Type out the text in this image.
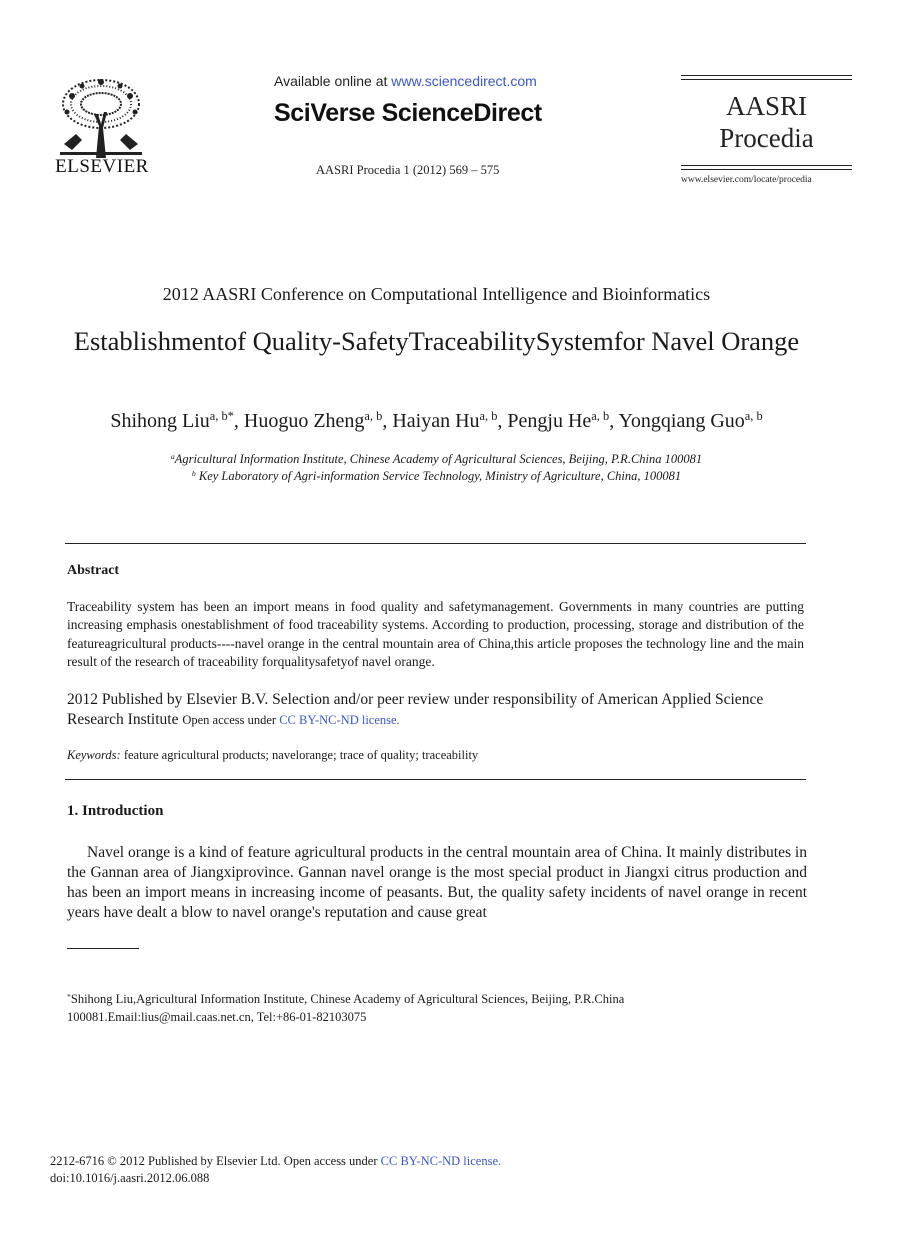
ELSEVIER
Available online at www.sciencedirect.com
SciVerse ScienceDirect
AASRI Procedia 1 (2012) 569 – 575
AASRI
Procedia
www.elsevier.com/locate/procedia
2012 AASRI Conference on Computational Intelligence and Bioinformatics
Establishmentof Quality-SafetyTraceabilitySystemfor Navel Orange
Shihong Liu$^{a, b*}$, Huoguo Zheng$^{a, b}$, Haiyan Hu$^{a, b}$, Pengju He$^{a, b}$, Yongqiang Guo$^{a, b}$
$^a$Agricultural Information Institute, Chinese Academy of Agricultural Sciences, Beijing, P.R.China 100081
$^b$ Key Laboratory of Agri-information Service Technology, Ministry of Agriculture, China, 100081
Abstract
Traceability system has been an import means in food quality and safetymanagement. Governments in many countries are putting increasing emphasis onestablishment of food traceability systems. According to production, processing, storage and distribution of the featureagricultural products----navel orange in the central mountain area of China,this article proposes the technology line and the main result of the research of traceability forqualitysafetyof navel orange.
2012 Published by Elsevier B.V. Selection and/or peer review under responsibility of American Applied Science Research Institute Open access under CC BY-NC-ND license.
Keywords: feature agricultural products; navelorange; trace of quality; traceability
1. Introduction
Navel orange is a kind of feature agricultural products in the central mountain area of China. It mainly distributes in the Gannan area of Jiangxiprovince. Gannan navel orange is the most special product in Jiangxi citrus production and has been an import means in increasing income of peasants. But, the quality safety incidents of navel orange in recent years have dealt a blow to navel orange's reputation and cause great
*Shihong Liu,Agricultural Information Institute, Chinese Academy of Agricultural Sciences, Beijing, P.R.China
100081.Email:lius@mail.caas.net.cn, Tel:+86-01-82103075
2212-6716 © 2012 Published by Elsevier Ltd. Open access under CC BY-NC-ND license.
doi:10.1016/j.aasri.2012.06.088
